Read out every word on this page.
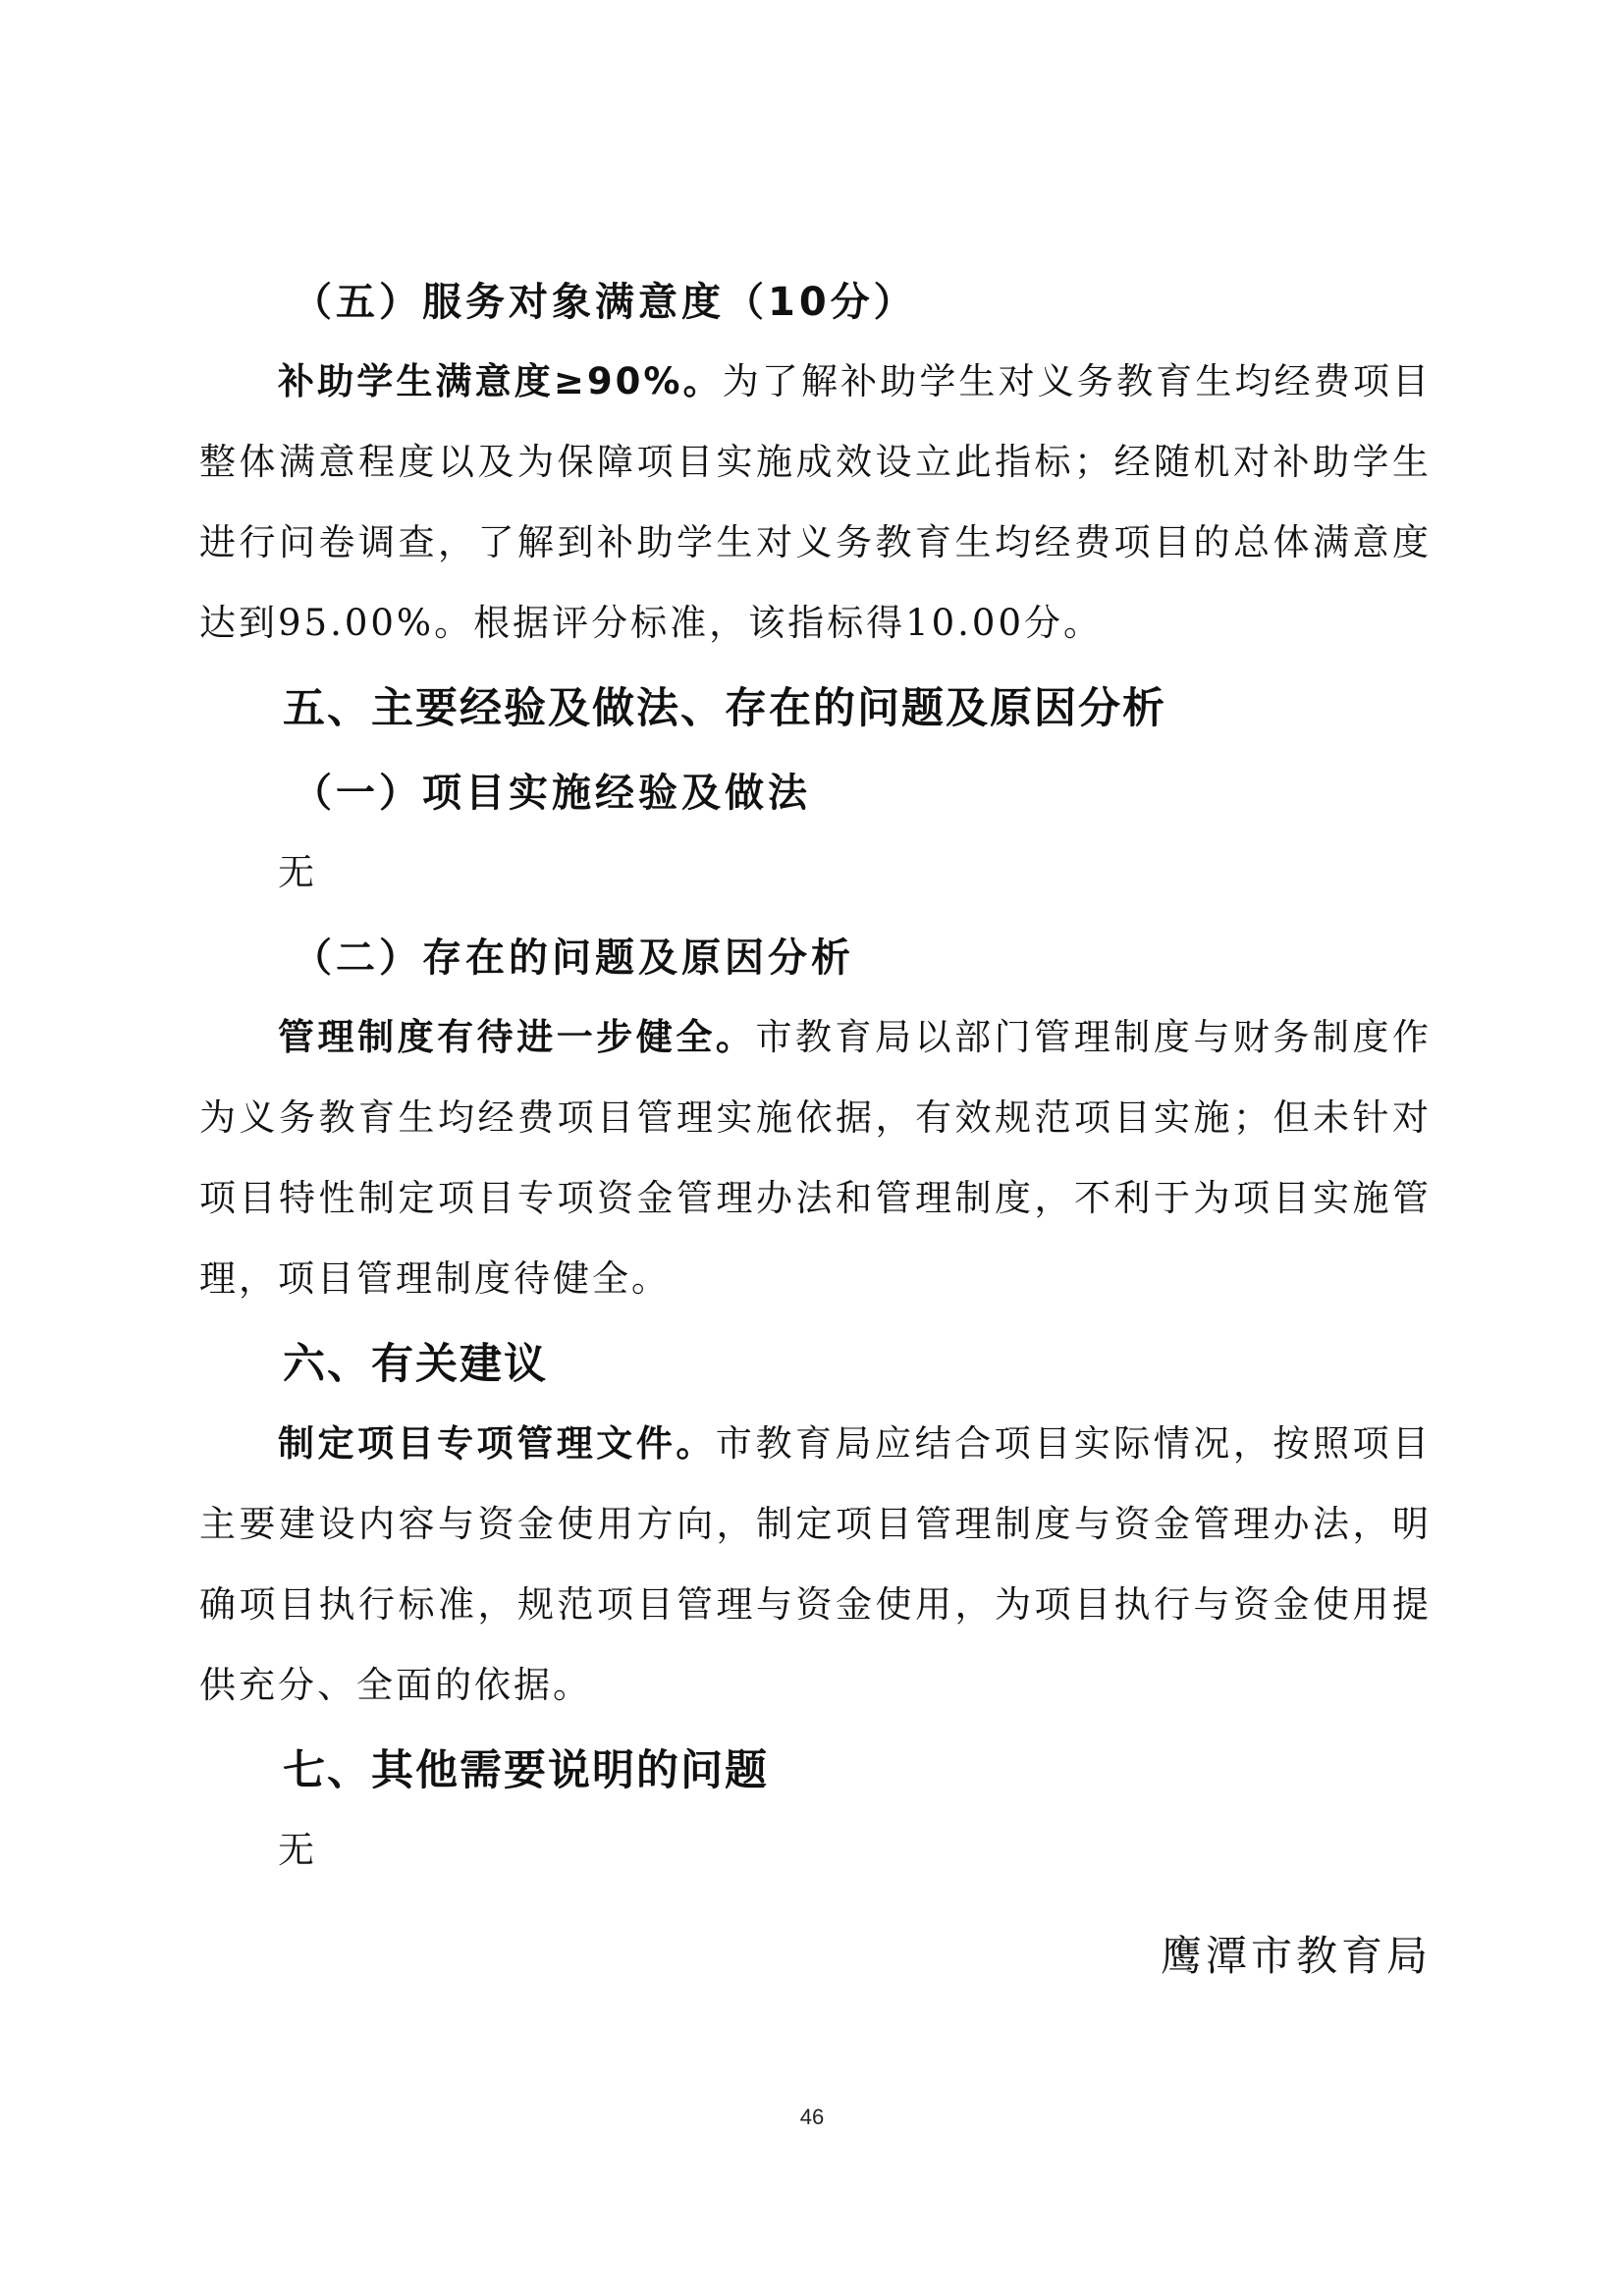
（五）服务对象满意度（10分）

补助学生满意度≥90%。为了解补助学生对义务教育生均经费项目整体满意程度以及为保障项目实施成效设立此指标；经随机对补助学生进行问卷调查，了解到补助学生对义务教育生均经费项目的总体满意度达到95.00%。根据评分标准，该指标得10.00分。

五、主要经验及做法、存在的问题及原因分析
（一）项目实施经验及做法
无
（二）存在的问题及原因分析

管理制度有待进一步健全。市教育局以部门管理制度与财务制度作为义务教育生均经费项目管理实施依据，有效规范项目实施；但未针对项目特性制定项目专项资金管理办法和管理制度，不利于为项目实施管理，项目管理制度待健全。

六、有关建议

制定项目专项管理文件。市教育局应结合项目实际情况，按照项目主要建设内容与资金使用方向，制定项目管理制度与资金管理办法，明确项目执行标准，规范项目管理与资金使用，为项目执行与资金使用提供充分、全面的依据。

七、其他需要说明的问题
无
鹰潭市教育局
46
